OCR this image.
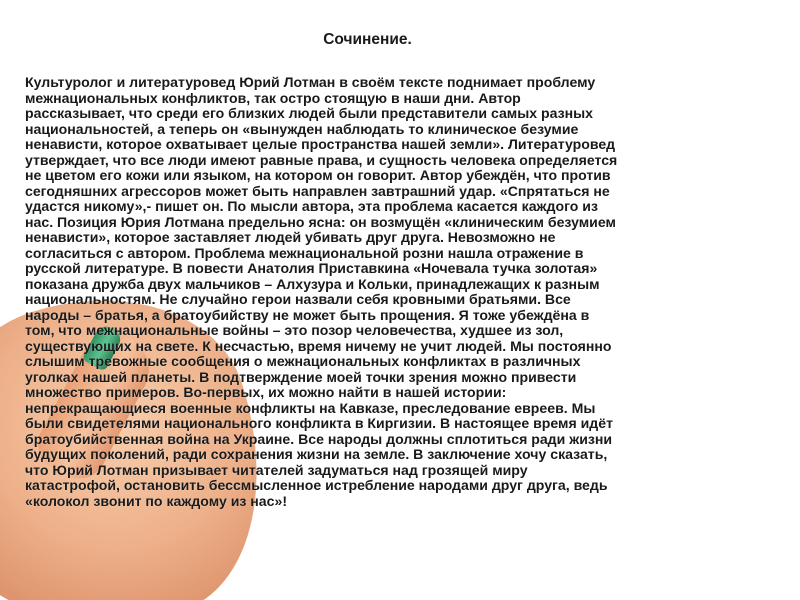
Сочинение.
Культуролог и литературовед Юрий Лотман в своём тексте поднимает проблему
межнациональных конфликтов, так остро стоящую в наши дни. Автор
рассказывает, что среди его близких людей были представители самых разных
национальностей, а теперь он «вынужден наблюдать то клиническое безумие
ненависти, которое охватывает целые пространства нашей земли». Литературовед
утверждает, что все люди имеют равные права, и сущность человека определяется
не цветом его кожи или языком, на котором он говорит. Автор убеждён, что против
сегодняшних агрессоров может быть направлен завтрашний удар. «Спрятаться не
удастся никому»,- пишет он. По мысли автора, эта проблема касается каждого из
нас. Позиция Юрия Лотмана предельно ясна: он возмущён «клиническим безумием
ненависти», которое заставляет людей убивать друг друга. Невозможно не
согласиться с автором. Проблема межнациональной розни нашла отражение в
русской литературе. В повести Анатолия Приставкина «Ночевала тучка золотая»
показана дружба двух мальчиков – Алхузура и Кольки, принадлежащих к разным
национальностям. Не случайно герои назвали себя кровными братьями. Все
народы – братья, а братоубийству не может быть прощения. Я тоже убеждёна в
том, что межнациональные войны – это позор человечества, худшее из зол,
существующих на свете. К несчастью, время ничему не учит людей. Мы постоянно
слышим тревожные сообщения о межнациональных конфликтах в различных
уголках нашей планеты. В подтверждение моей точки зрения можно привести
множество примеров. Во-первых, их можно найти в нашей истории:
непрекращающиеся военные конфликты на Кавказе, преследование евреев. Мы
были свидетелями национального конфликта в Киргизии. В настоящее время идёт
братоубийственная война на Украине. Все народы должны сплотиться ради жизни
будущих поколений, ради сохранения жизни на земле. В заключение хочу сказать,
что Юрий Лотман призывает читателей задуматься над грозящей миру
катастрофой, остановить бессмысленное истребление народами друг друга, ведь
«колокол звонит по каждому из нас»!
